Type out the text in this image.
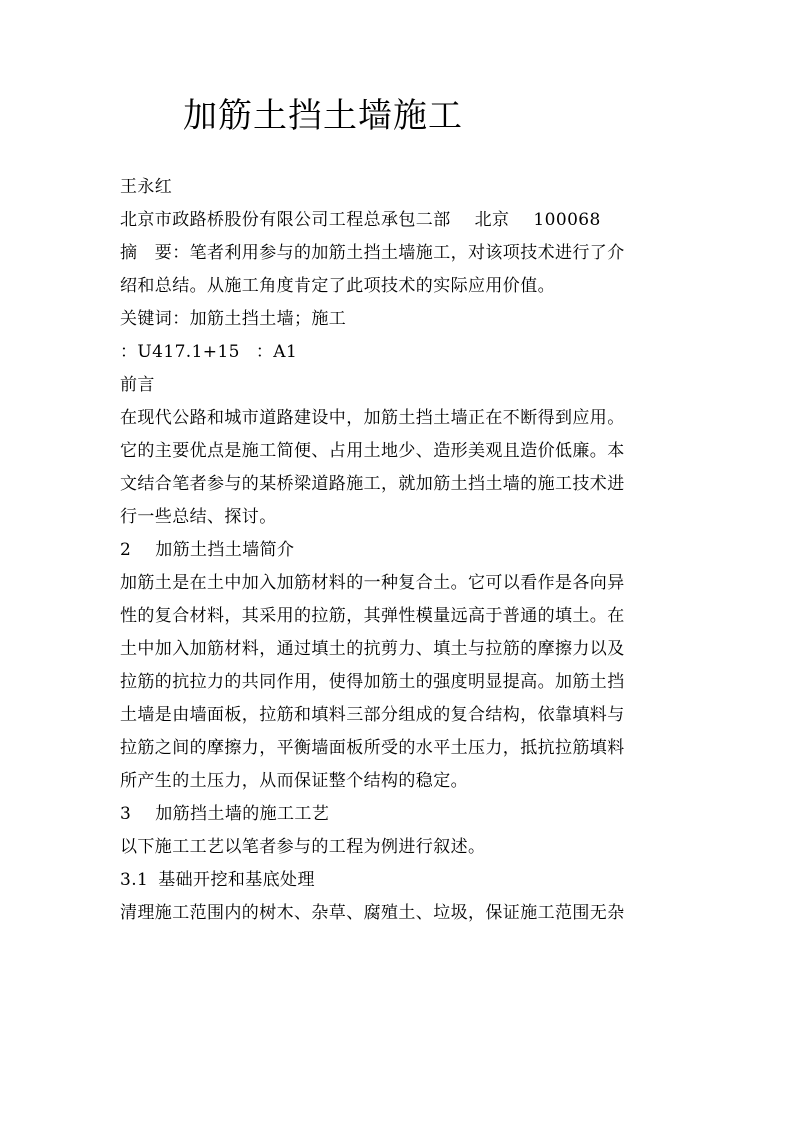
加筋土挡土墙施工

王永红

北京市政路桥股份有限公司工程总承包二部 北京 100068

摘　要：笔者利用参与的加筋土挡土墙施工，对该项技术进行了介

绍和总结。从施工角度肯定了此项技术的实际应用价值。

关键词：加筋土挡土墙；施工

：U417.1+15 ：A1

前言

在现代公路和城市道路建设中，加筋土挡土墙正在不断得到应用。

它的主要优点是施工简便、占用土地少、造形美观且造价低廉。本

文结合笔者参与的某桥梁道路施工，就加筋土挡土墙的施工技术进

行一些总结、探讨。

2 加筋土挡土墙简介

加筋土是在土中加入加筋材料的一种复合土。它可以看作是各向异

性的复合材料，其采用的拉筋，其弹性模量远高于普通的填土。在

土中加入加筋材料，通过填土的抗剪力、填土与拉筋的摩擦力以及

拉筋的抗拉力的共同作用，使得加筋土的强度明显提高。加筋土挡

土墙是由墙面板，拉筋和填料三部分组成的复合结构，依靠填料与

拉筋之间的摩擦力，平衡墙面板所受的水平土压力，抵抗拉筋填料

所产生的土压力，从而保证整个结构的稳定。

3 加筋挡土墙的施工工艺

以下施工工艺以笔者参与的工程为例进行叙述。

3.1 基础开挖和基底处理

清理施工范围内的树木、杂草、腐殖土、垃圾，保证施工范围无杂
